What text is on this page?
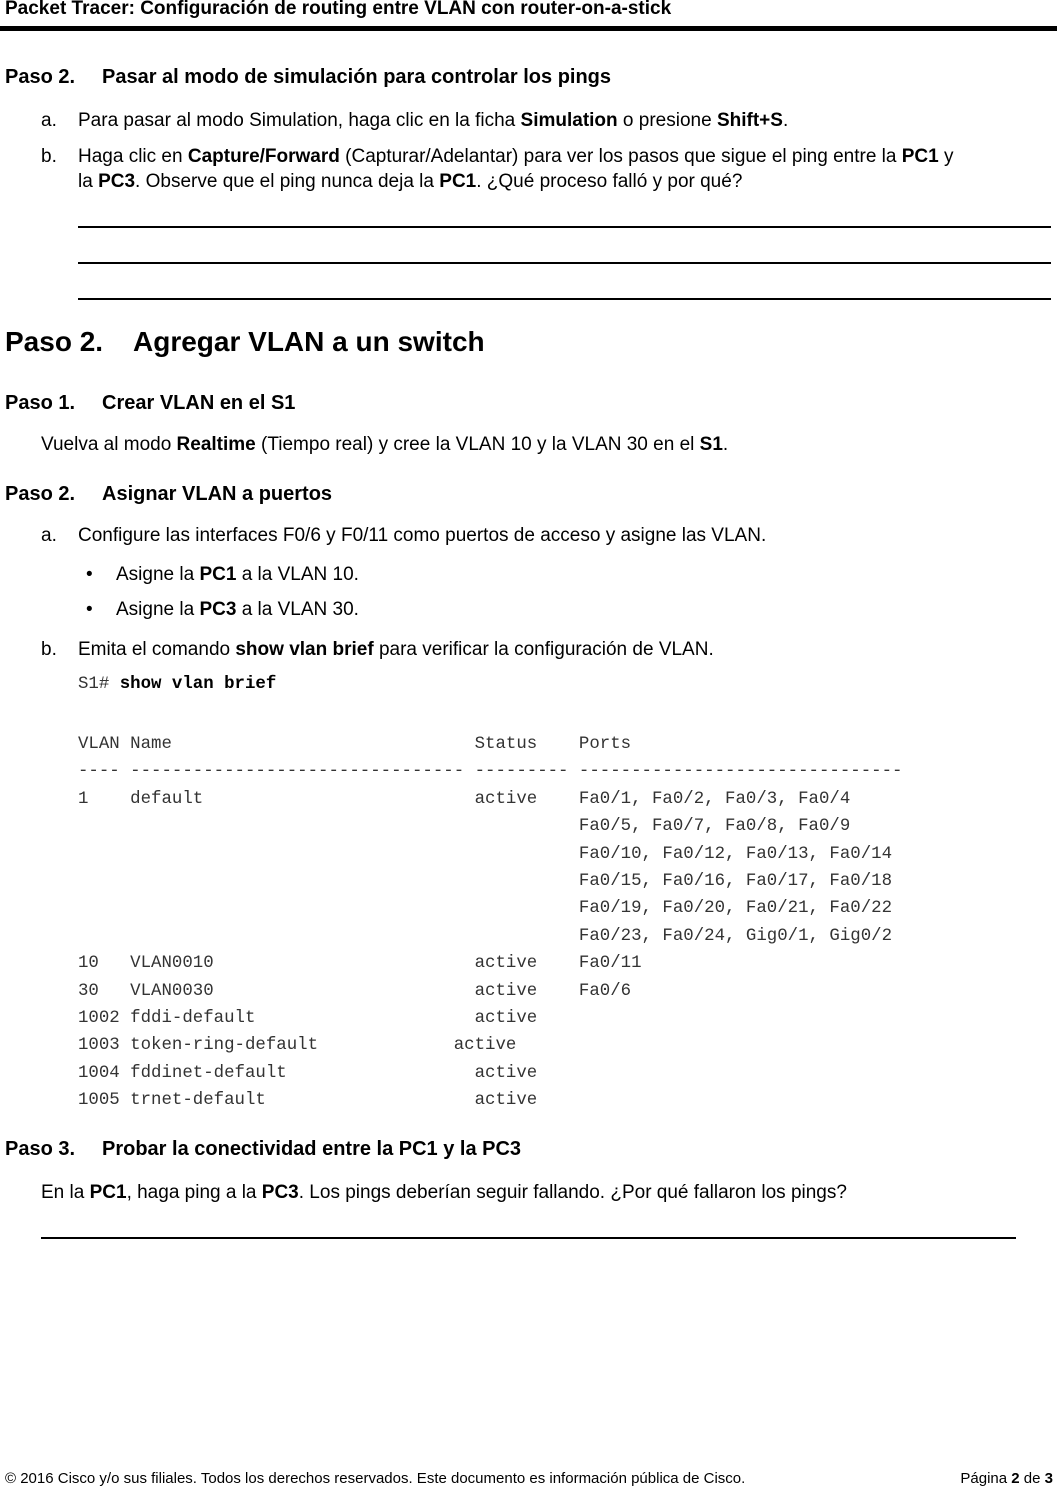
Packet Tracer: Configuración de routing entre VLAN con router-on-a-stick
Paso 2. Pasar al modo de simulación para controlar los pings
a. Para pasar al modo Simulation, haga clic en la ficha Simulation o presione Shift+S.
b. Haga clic en Capture/Forward (Capturar/Adelantar) para ver los pasos que sigue el ping entre la PC1 y
la PC3. Observe que el ping nunca deja la PC1. ¿Qué proceso falló y por qué?
Paso 2. Agregar VLAN a un switch
Paso 1. Crear VLAN en el S1
Vuelva al modo Realtime (Tiempo real) y cree la VLAN 10 y la VLAN 30 en el S1.
Paso 2. Asignar VLAN a puertos
a. Configure las interfaces F0/6 y F0/11 como puertos de acceso y asigne las VLAN.
• Asigne la PC1 a la VLAN 10.
• Asigne la PC3 a la VLAN 30.
b. Emita el comando show vlan brief para verificar la configuración de VLAN.
S1# show vlan brief
VLAN Name                             Status    Ports
---- -------------------------------- --------- -------------------------------
1    default                          active    Fa0/1, Fa0/2, Fa0/3, Fa0/4
Fa0/5, Fa0/7, Fa0/8, Fa0/9
Fa0/10, Fa0/12, Fa0/13, Fa0/14
Fa0/15, Fa0/16, Fa0/17, Fa0/18
Fa0/19, Fa0/20, Fa0/21, Fa0/22
Fa0/23, Fa0/24, Gig0/1, Gig0/2
10   VLAN0010                         active    Fa0/11
30   VLAN0030                         active    Fa0/6
1002 fddi-default                     active
1003 token-ring-default             active
1004 fddinet-default                  active
1005 trnet-default                    active
Paso 3. Probar la conectividad entre la PC1 y la PC3
En la PC1, haga ping a la PC3. Los pings deberían seguir fallando. ¿Por qué fallaron los pings?
© 2016 Cisco y/o sus filiales. Todos los derechos reservados. Este documento es información pública de Cisco.	Página 2 de 3
